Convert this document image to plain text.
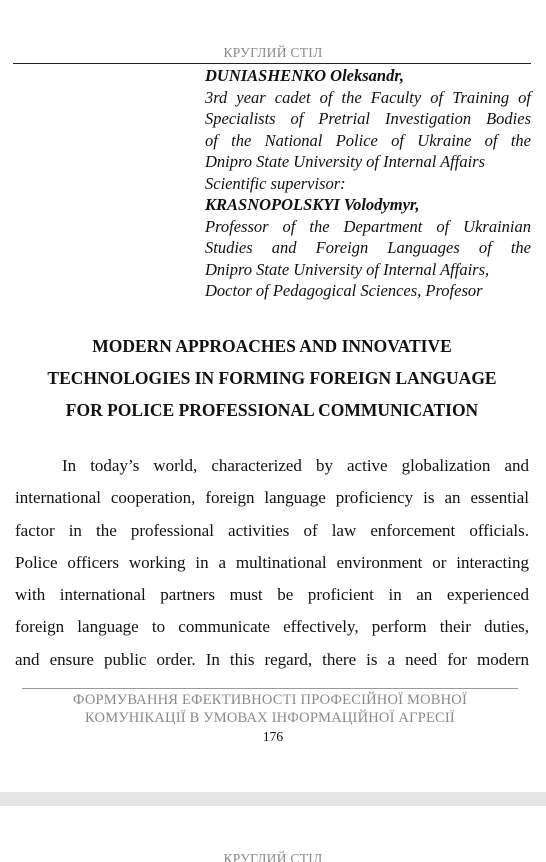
КРУГЛИЙ СТІЛ
DUNIASHENKO Oleksandr,
3rd year cadet of the Faculty of Training of
Specialists of Pretrial Investigation Bodies
of the National Police of Ukraine of the
Dnipro State University of Internal Affairs
Scientific supervisor:
KRASNOPOLSKYI Volodymyr,
Professor of the Department of Ukrainian
Studies and Foreign Languages of the
Dnipro State University of Internal Affairs,
Doctor of Pedagogical Sciences, Profesor
MODERN APPROACHES AND INNOVATIVE
TECHNOLOGIES IN FORMING FOREIGN LANGUAGE
FOR POLICE PROFESSIONAL COMMUNICATION
In today’s world, characterized by active globalization and
international cooperation, foreign language proficiency is an essential
factor in the professional activities of law enforcement officials.
Police officers working in a multinational environment or interacting
with international partners must be proficient in an experienced
foreign language to communicate effectively, perform their duties,
and ensure public order. In this regard, there is a need for modern
ФОРМУВАННЯ ЕФЕКТИВНОСТІ ПРОФЕСІЙНОЇ МОВНОЇ
КОМУНІКАЦІЇ В УМОВАХ ІНФОРМАЦІЙНОЇ АГРЕСІЇ
176
КРУГЛИЙ СТІЛ
